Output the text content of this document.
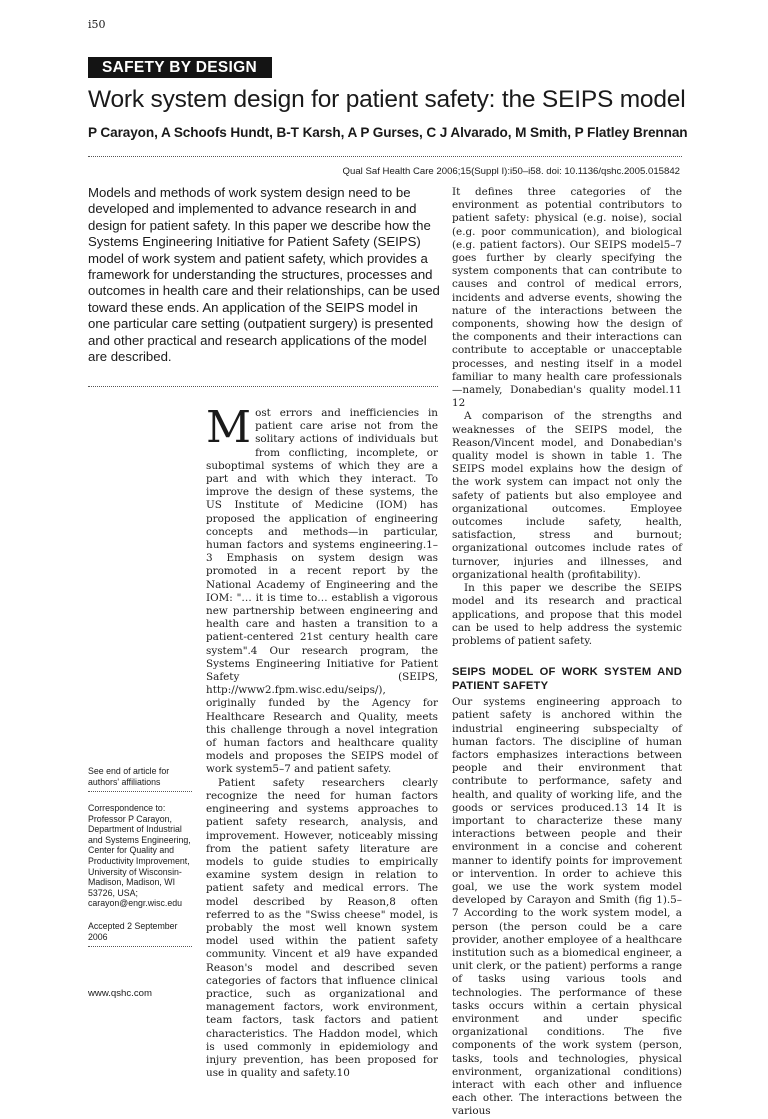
i50
SAFETY BY DESIGN
Work system design for patient safety: the SEIPS model
P Carayon, A Schoofs Hundt, B-T Karsh, A P Gurses, C J Alvarado, M Smith, P Flatley Brennan
Qual Saf Health Care 2006;15(Suppl I):i50–i58. doi: 10.1136/qshc.2005.015842

Models and methods of work system design need to be developed and implemented to advance research in and design for patient safety. In this paper we describe how the Systems Engineering Initiative for Patient Safety (SEIPS) model of work system and patient safety, which provides a framework for understanding the structures, processes and outcomes in health care and their relationships, can be used toward these ends. An application of the SEIPS model in one particular care setting (outpatient surgery) is presented and other practical and research applications of the model are described.

See end of article for authors' affiliations

Correspondence to: Professor P Carayon, Department of Industrial and Systems Engineering, Center for Quality and Productivity Improvement, University of Wisconsin-Madison, Madison, WI 53726, USA; carayon@engr.wisc.edu

Accepted 2 September 2006

Most errors and inefficiencies in patient care arise not from the solitary actions of individuals but from conflicting, incomplete, or suboptimal systems of which they are a part and with which they interact. To improve the design of these systems, the US Institute of Medicine (IOM) has proposed the application of engineering concepts and methods—in particular, human factors and systems engineering.1–3 Emphasis on system design was promoted in a recent report by the National Academy of Engineering and the IOM: "… it is time to… establish a vigorous new partnership between engineering and health care and hasten a transition to a patient-centered 21st century health care system".4 Our research program, the Systems Engineering Initiative for Patient Safety (SEIPS, http://www2.fpm.wisc.edu/seips/), originally funded by the Agency for Healthcare Research and Quality, meets this challenge through a novel integration of human factors and healthcare quality models and proposes the SEIPS model of work system5–7 and patient safety.

Patient safety researchers clearly recognize the need for human factors engineering and systems approaches to patient safety research, analysis, and improvement. However, noticeably missing from the patient safety literature are models to guide studies to empirically examine system design in relation to patient safety and medical errors. The model described by Reason,8 often referred to as the "Swiss cheese" model, is probably the most well known system model used within the patient safety community. Vincent et al9 have expanded Reason's model and described seven categories of factors that influence clinical practice, such as organizational and management factors, work environment, team factors, task factors and patient characteristics. The Haddon model, which is used commonly in epidemiology and injury prevention, has been proposed for use in quality and safety.10

It defines three categories of the environment as potential contributors to patient safety: physical (e.g. noise), social (e.g. poor communication), and biological (e.g. patient factors). Our SEIPS model5–7 goes further by clearly specifying the system components that can contribute to causes and control of medical errors, incidents and adverse events, showing the nature of the interactions between the components, showing how the design of the components and their interactions can contribute to acceptable or unacceptable processes, and nesting itself in a model familiar to many health care professionals—namely, Donabedian's quality model.11 12

A comparison of the strengths and weaknesses of the SEIPS model, the Reason/Vincent model, and Donabedian's quality model is shown in table 1. The SEIPS model explains how the design of the work system can impact not only the safety of patients but also employee and organizational outcomes. Employee outcomes include safety, health, satisfaction, stress and burnout; organizational outcomes include rates of turnover, injuries and illnesses, and organizational health (profitability).

In this paper we describe the SEIPS model and its research and practical applications, and propose that this model can be used to help address the systemic problems of patient safety.

SEIPS MODEL OF WORK SYSTEM AND PATIENT SAFETY

Our systems engineering approach to patient safety is anchored within the industrial engineering subspecialty of human factors. The discipline of human factors emphasizes interactions between people and their environment that contribute to performance, safety and health, and quality of working life, and the goods or services produced.13 14 It is important to characterize these many interactions between people and their environment in a concise and coherent manner to identify points for improvement or intervention. In order to achieve this goal, we use the work system model developed by Carayon and Smith (fig 1).5–7 According to the work system model, a person (the person could be a care provider, another employee of a healthcare institution such as a biomedical engineer, a unit clerk, or the patient) performs a range of tasks using various tools and technologies. The performance of these tasks occurs within a certain physical environment and under specific organizational conditions. The five components of the work system (person, tasks, tools and technologies, physical environment, organizational conditions) interact with each other and influence each other. The interactions between the various

www.qshc.com
